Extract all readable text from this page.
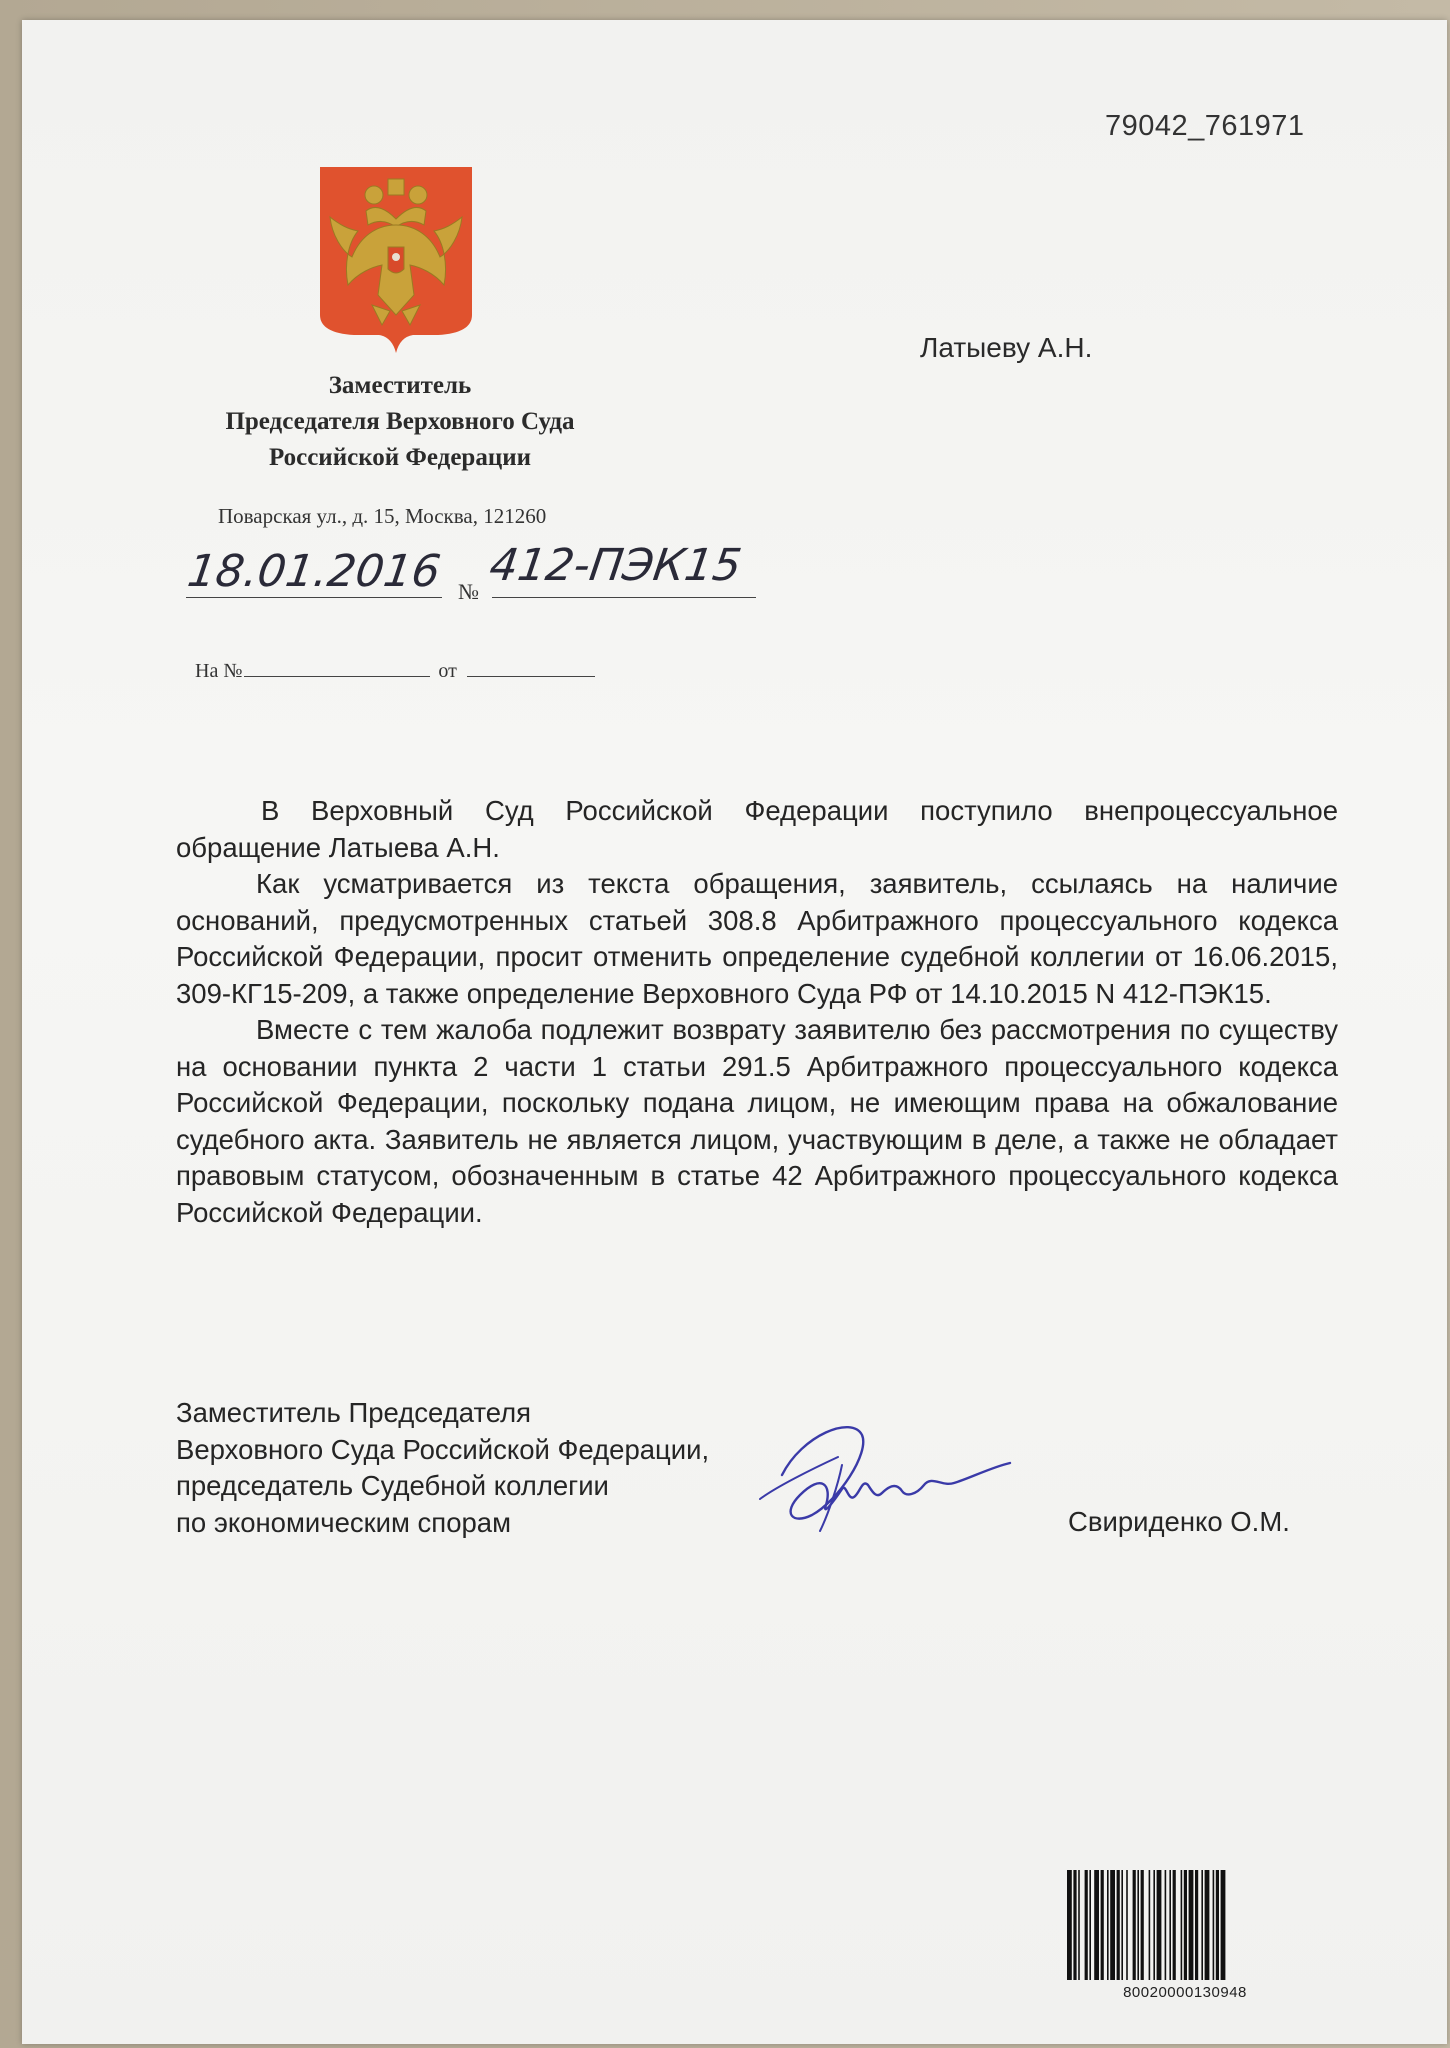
79042_761971
Латыеву А.Н.
Заместитель
Председателя Верховного Суда
Российской Федерации
Поварская ул., д. 15, Москва, 121260
18.01.2016 №
412-ПЭК15
На №	от

В Верховный Суд Российской Федерации поступило внепроцессуальное обращение Латыева А.Н.

Как усматривается из текста обращения, заявитель, ссылаясь на наличие оснований, предусмотренных статьей 308.8 Арбитражного процессуального кодекса Российской Федерации, просит отменить определение судебной коллегии от 16.06.2015, 309-КГ15-209, а также определение Верховного Суда РФ от 14.10.2015 N 412-ПЭК15.

Вместе с тем жалоба подлежит возврату заявителю без рассмотрения по существу на основании пункта 2 части 1 статьи 291.5 Арбитражного процессуального кодекса Российской Федерации, поскольку подана лицом, не имеющим права на обжалование судебного акта. Заявитель не является лицом, участвующим в деле, а также не обладает правовым статусом, обозначенным в статье 42 Арбитражного процессуального кодекса Российской Федерации.

Заместитель Председателя
Верховного Суда Российской Федерации,
председатель Судебной коллегии
по экономическим спорам	Свириденко О.М.
80020000130948
